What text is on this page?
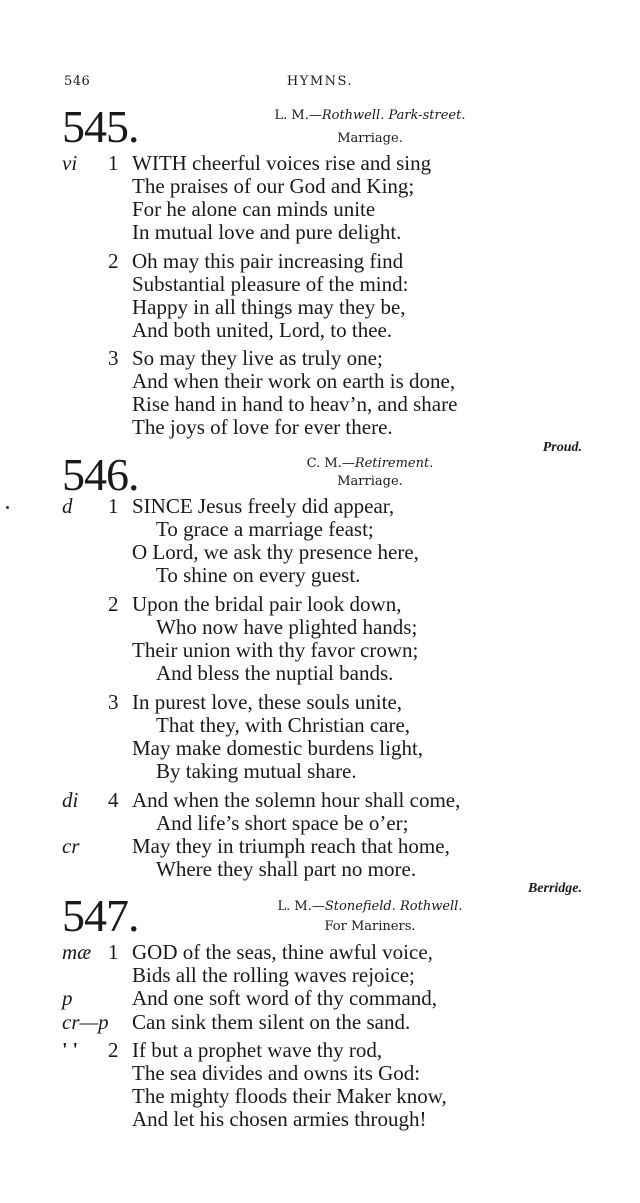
546	HYMNS.
545.	L. M.—Rothwell. Park-street.
Marriage.
vi 1 WITH cheerful voices rise and sing
The praises of our God and King;
For he alone can minds unite
In mutual love and pure delight.
2 Oh may this pair increasing find
Substantial pleasure of the mind:
Happy in all things may they be,
And both united, Lord, to thee.
3 So may they live as truly one;
And when their work on earth is done,
Rise hand in hand to heav’n, and share
The joys of love for ever there.
Proud.
546.	C. M.—Retirement.
Marriage.
d 1 SINCE Jesus freely did appear,
To grace a marriage feast;
O Lord, we ask thy presence here,
To shine on every guest.
2 Upon the bridal pair look down,
Who now have plighted hands;
Their union with thy favor crown;
And bless the nuptial bands.
3 In purest love, these souls unite,
That they, with Christian care,
May make domestic burdens light,
By taking mutual share.
di 4 And when the solemn hour shall come,
And life’s short space be o’er;
cr	May they in triumph reach that home,
Where they shall part no more.
Berridge.
547.	L. M.—Stonefield. Rothwell.
For Mariners.
mæ 1 GOD of the seas, thine awful voice,
Bids all the rolling waves rejoice;
p	And one soft word of thy command,
cr—p Can sink them silent on the sand.
' ' 2 If but a prophet wave thy rod,
The sea divides and owns its God:
The mighty floods their Maker know,
And let his chosen armies through!
